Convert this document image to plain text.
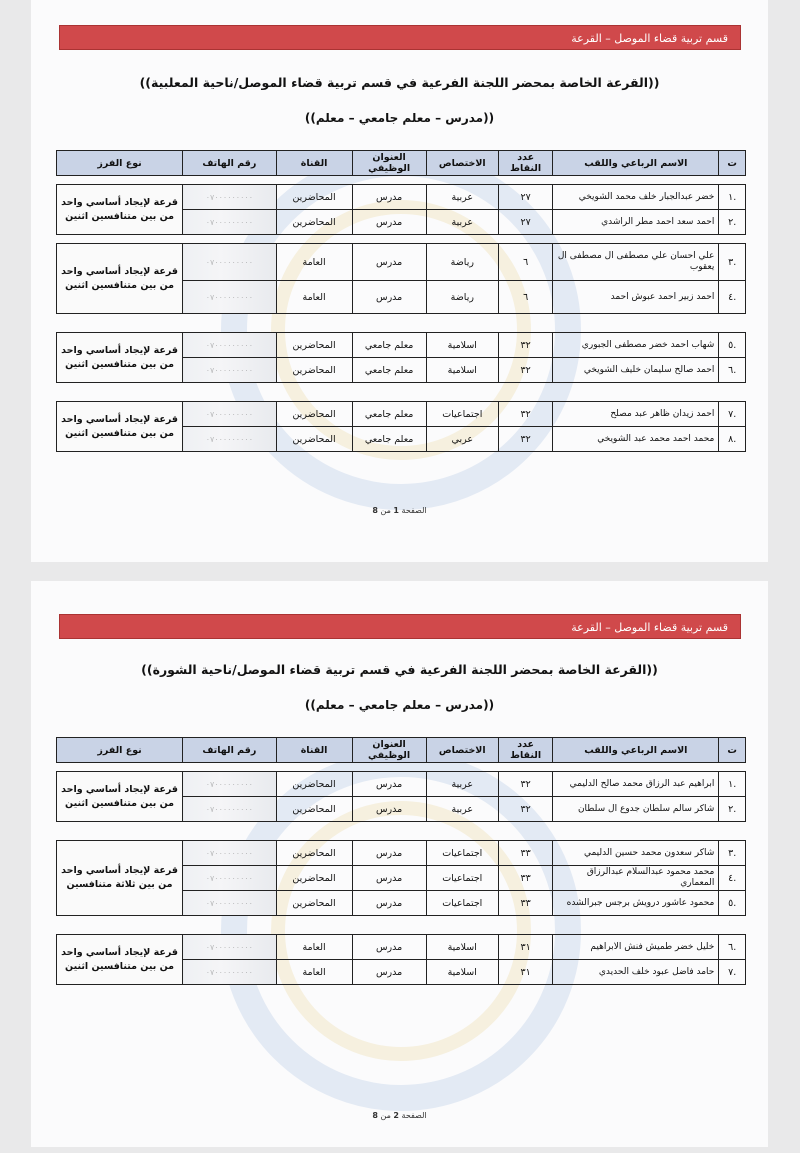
قسم تربية قضاء الموصل – القرعة
((القرعة الخاصة بمحضر اللجنة الفرعية في قسم تربية قضاء الموصل/ناحية المعلبية))
((مدرس – معلم جامعي – معلم))
ت	الاسم الرباعي واللقب	عدد النقاط	الاختصاص	العنوان الوظيفي	القناة	رقم الهاتف	نوع الفرز

.١	خضر عبدالجبار خلف محمد الشويخي	٢٧	عربية	مدرس	المحاضرين	٠٧٠٠٠٠٠٠٠٠٠	قرعة لإيجاد أساسي واحد من بين متنافسين اثنين
.٢	احمد سعد احمد مطر الراشدي	٢٧	عربية	مدرس	المحاضرين	٠٧٠٠٠٠٠٠٠٠٠	

.٣	علي احسان علي مصطفى ال مصطفى ال يعقوب	٦	رياضة	مدرس	العامة	٠٧٠٠٠٠٠٠٠٠٠	قرعة لإيجاد أساسي واحد من بين متنافسين اثنين
.٤	احمد زبير احمد عبوش احمد	٦	رياضة	مدرس	العامة	٠٧٠٠٠٠٠٠٠٠٠	

.٥	شهاب احمد خضر مصطفى الجبوري	٣٢	اسلامية	معلم جامعي	المحاضرين	٠٧٠٠٠٠٠٠٠٠٠	قرعة لإيجاد أساسي واحد من بين متنافسين اثنين
.٦	احمد صالح سليمان خليف الشويخي	٣٢	اسلامية	معلم جامعي	المحاضرين	٠٧٠٠٠٠٠٠٠٠٠	

.٧	احمد زيدان ظاهر عبد مصلح	٣٢	اجتماعيات	معلم جامعي	المحاضرين	٠٧٠٠٠٠٠٠٠٠٠	قرعة لإيجاد أساسي واحد من بين متنافسين اثنين
.٨	محمد احمد محمد عبد الشويخي	٣٢	عربي	معلم جامعي	المحاضرين	٠٧٠٠٠٠٠٠٠٠٠	
الصفحة 1 من 8
قسم تربية قضاء الموصل – القرعة
((القرعة الخاصة بمحضر اللجنة الفرعية في قسم تربية قضاء الموصل/ناحية الشورة))
((مدرس – معلم جامعي – معلم))
ت	الاسم الرباعي واللقب	عدد النقاط	الاختصاص	العنوان الوظيفي	القناة	رقم الهاتف	نوع الفرز

.١	ابراهيم عبد الرزاق محمد صالح الدليمي	٣٢	عربية	مدرس	المحاضرين	٠٧٠٠٠٠٠٠٠٠٠	قرعة لإيجاد أساسي واحد من بين متنافسين اثنين
.٢	شاكر سالم سلطان جدوع ال سلطان	٣٢	عربية	مدرس	المحاضرين	٠٧٠٠٠٠٠٠٠٠٠	

.٣	شاكر سعدون محمد حسين الدليمي	٣٣	اجتماعيات	مدرس	المحاضرين	٠٧٠٠٠٠٠٠٠٠٠	قرعة لإيجاد أساسي واحد من بين ثلاثة متنافسين
.٤	محمد محمود عبدالسلام عبدالرزاق المعماري	٣٣	اجتماعيات	مدرس	المحاضرين	٠٧٠٠٠٠٠٠٠٠٠	
.٥	محمود عاشور درويش برجس جبرالشده	٣٣	اجتماعيات	مدرس	المحاضرين	٠٧٠٠٠٠٠٠٠٠٠	

.٦	خليل خضر طميش فنش الابراهيم	٣١	اسلامية	مدرس	العامة	٠٧٠٠٠٠٠٠٠٠٠	قرعة لإيجاد أساسي واحد من بين متنافسين اثنين
.٧	حامد فاضل عبود خلف الحديدي	٣١	اسلامية	مدرس	العامة	٠٧٠٠٠٠٠٠٠٠٠	
الصفحة 2 من 8
